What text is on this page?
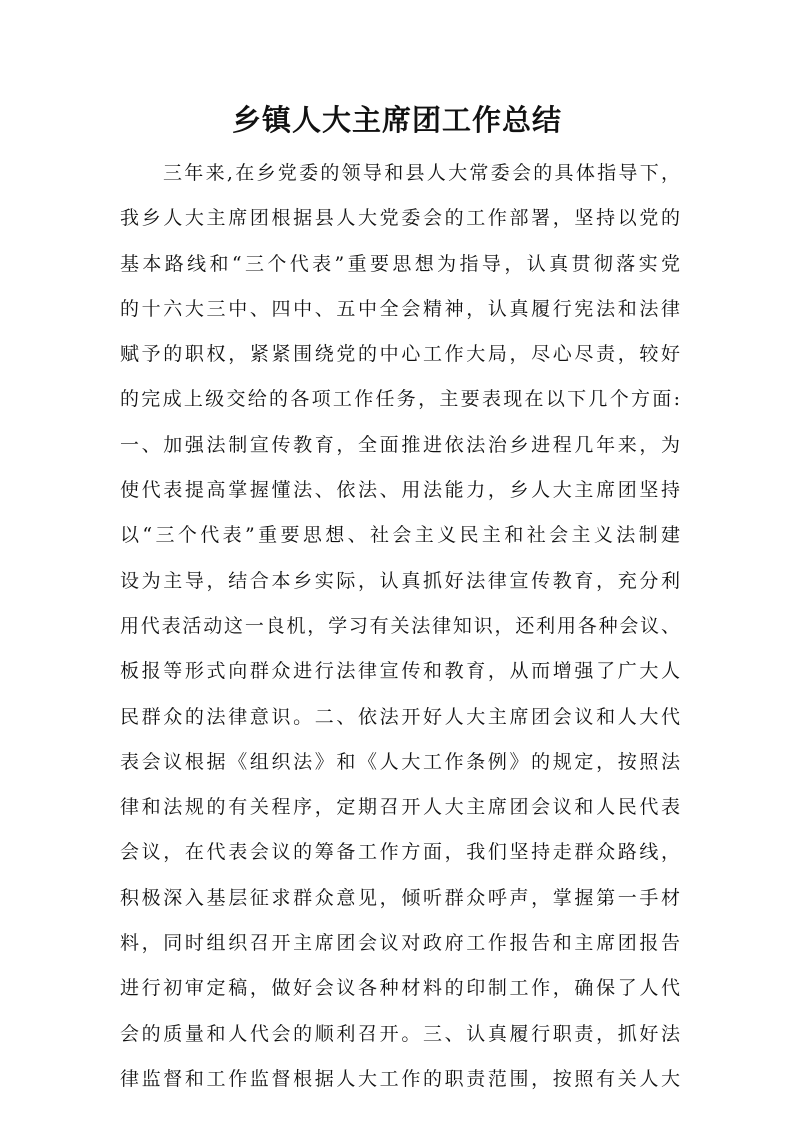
乡镇人大主席团工作总结
三年来,在乡党委的领导和县人大常委会的具体指导下，
我乡人大主席团根据县人大党委会的工作部署，坚持以党的
基本路线和“三个代表”重要思想为指导，认真贯彻落实党
的十六大三中、四中、五中全会精神，认真履行宪法和法律
赋予的职权，紧紧围绕党的中心工作大局，尽心尽责，较好
的完成上级交给的各项工作任务，主要表现在以下几个方面:
一、加强法制宣传教育，全面推进依法治乡进程几年来，为
使代表提高掌握懂法、依法、用法能力，乡人大主席团坚持
以“三个代表”重要思想、社会主义民主和社会主义法制建
设为主导，结合本乡实际，认真抓好法律宣传教育，充分利
用代表活动这一良机，学习有关法律知识，还利用各种会议、
板报等形式向群众进行法律宣传和教育，从而增强了广大人
民群众的法律意识。二、依法开好人大主席团会议和人大代
表会议根据《组织法》和《人大工作条例》的规定，按照法
律和法规的有关程序，定期召开人大主席团会议和人民代表
会议，在代表会议的筹备工作方面，我们坚持走群众路线，
积极深入基层征求群众意见，倾听群众呼声，掌握第一手材
料，同时组织召开主席团会议对政府工作报告和主席团报告
进行初审定稿，做好会议各种材料的印制工作，确保了人代
会的质量和人代会的顺利召开。三、认真履行职责，抓好法
律监督和工作监督根据人大工作的职责范围，按照有关人大
